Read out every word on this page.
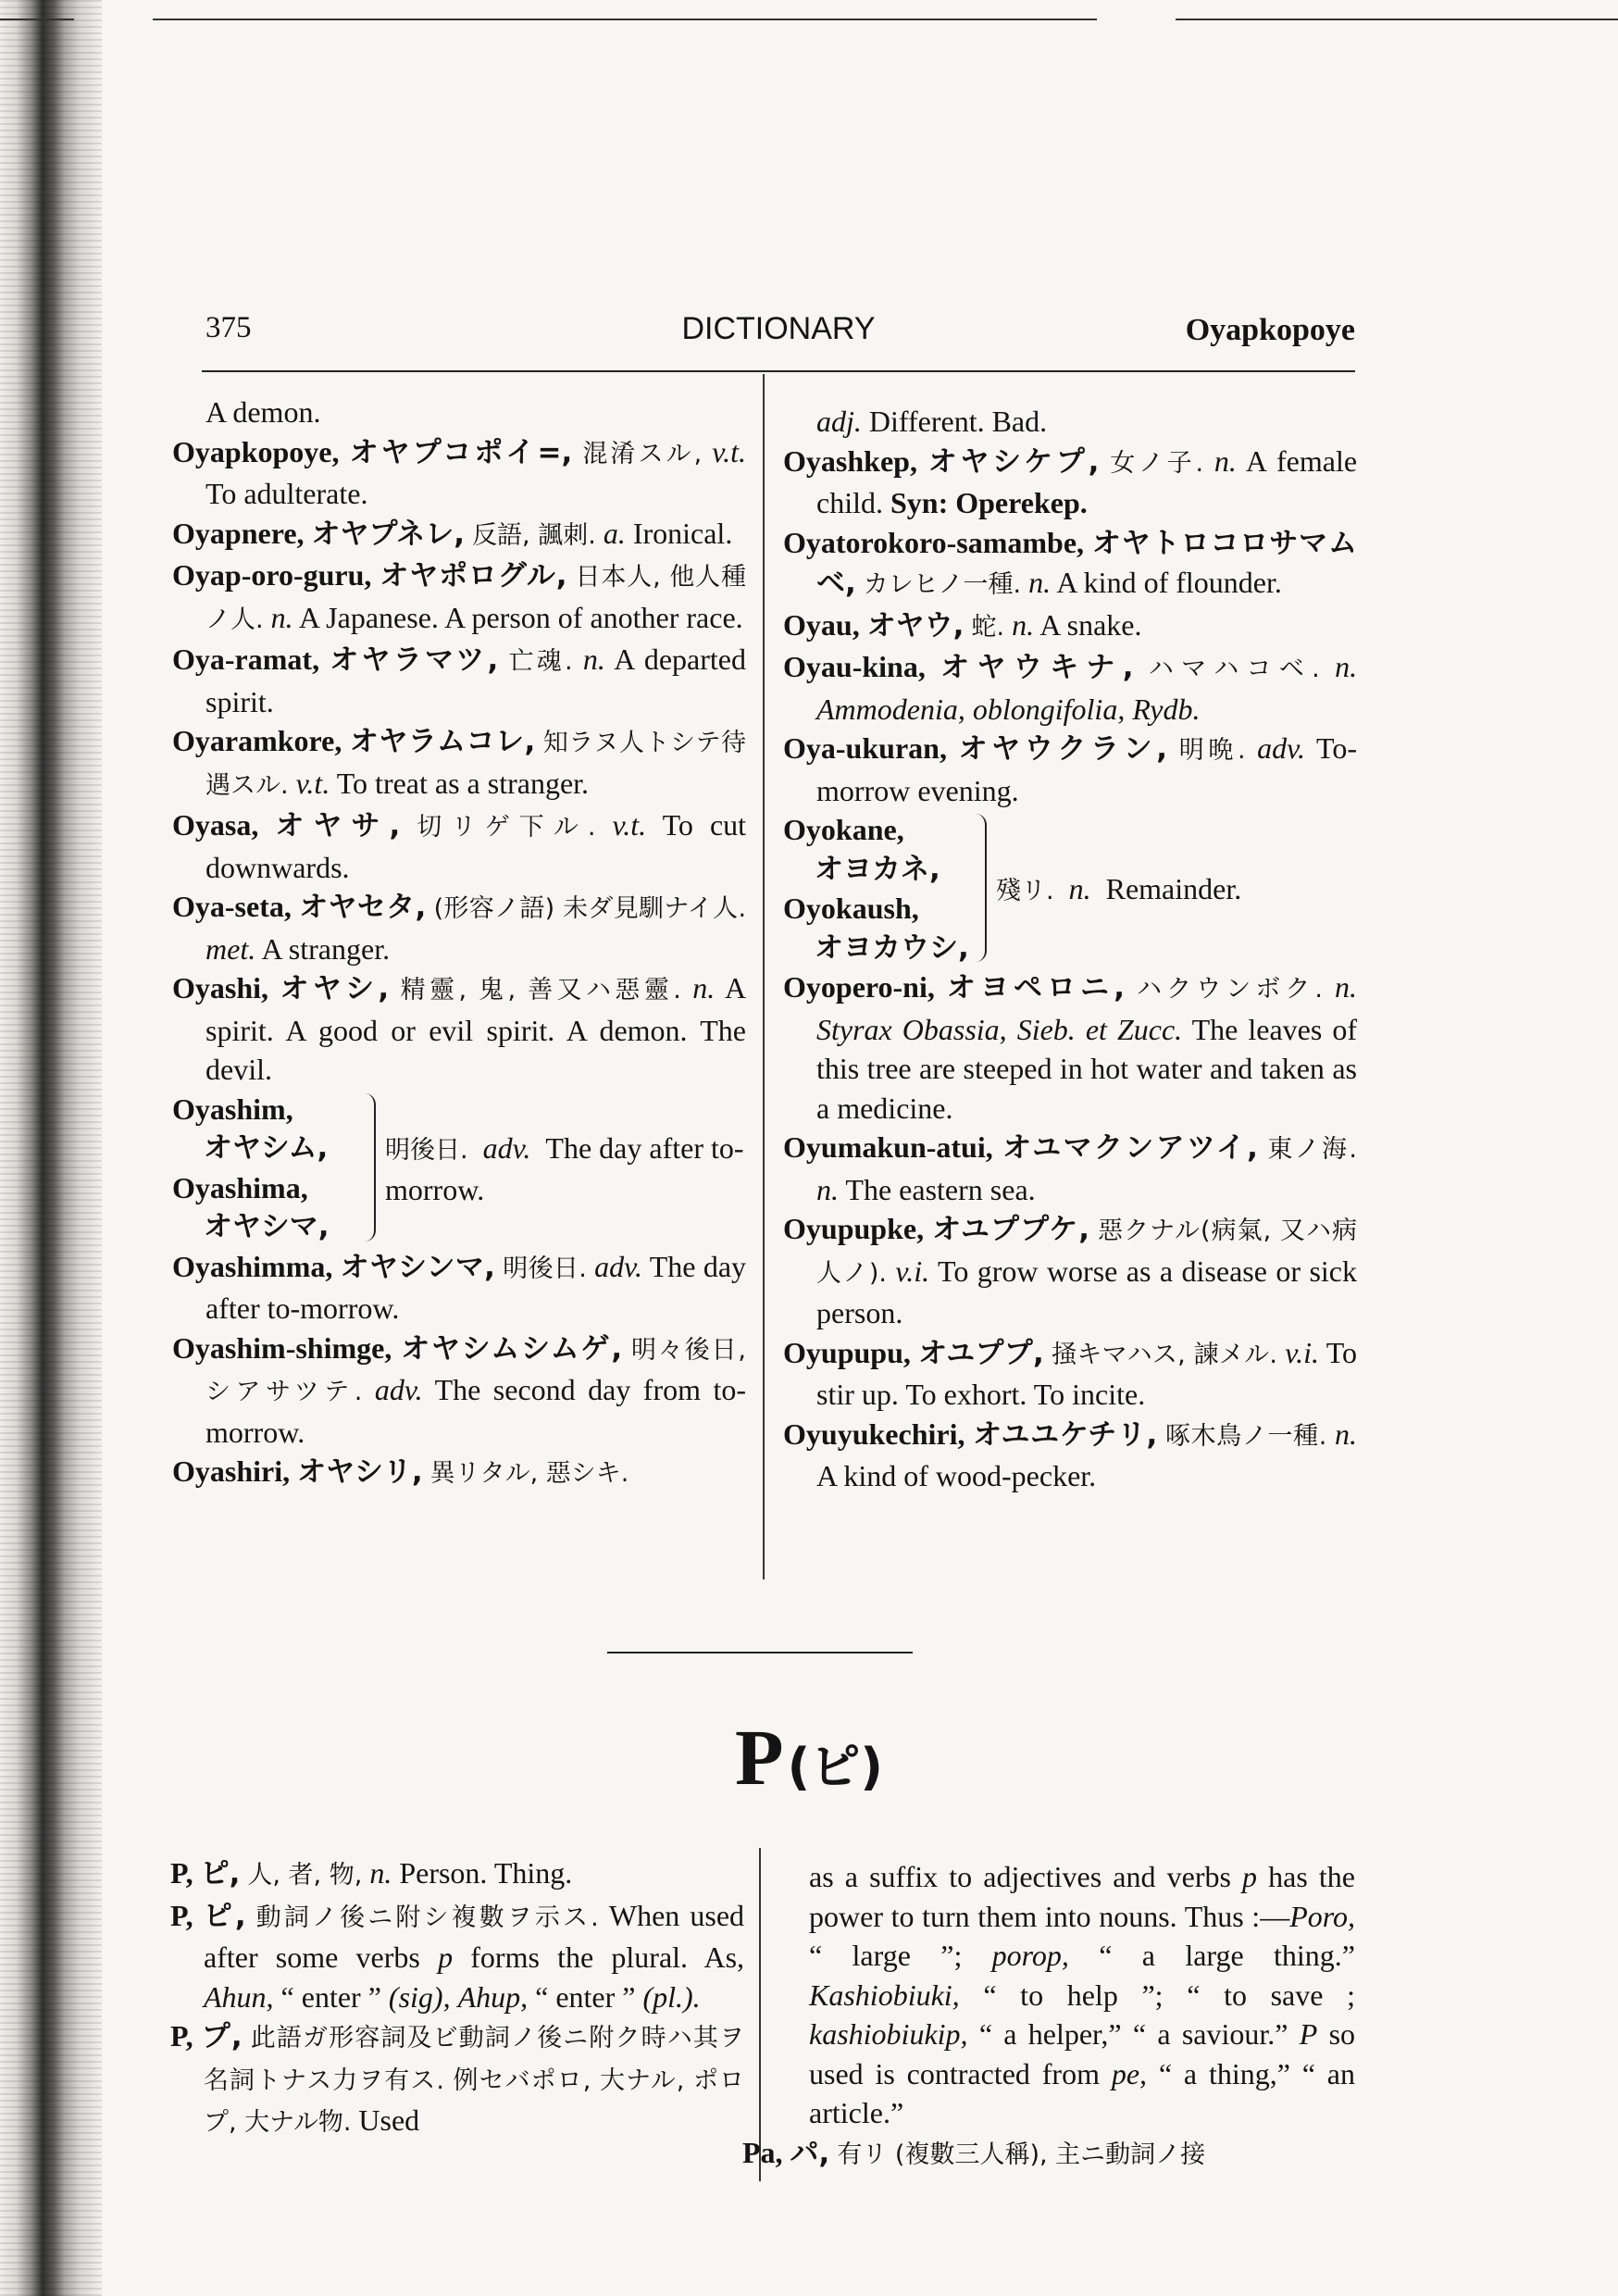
375	DICTIONARY	Oyapkopoye

A demon.

Oyapkopoye, オヤプコポイ=, 混淆スル, v.t. To adulterate.

Oyapnere, オヤプネレ, 反語, 諷刺. a. Ironical.

Oyap-oro-guru, オヤポログル, 日本人, 他人種ノ人. n. A Japanese. A person of another race.

Oya-ramat, オヤラマツ, 亡魂. n. A departed spirit.

Oyaramkore, オヤラムコレ, 知ラヌ人トシテ待遇スル. v.t. To treat as a stranger.

Oyasa, オヤサ, 切リゲ下ル. v.t. To cut downwards.

Oya-seta, オヤセタ, (形容ノ語) 未ダ見馴ナイ人. met. A stranger.

Oyashi, オヤシ, 精靈, 鬼, 善又ハ惡靈. n. A spirit. A good or evil spirit. A demon. The devil.

Oyashim,
オヤシム,
Oyashima,
オヤシマ,
明後日. adv. The day after to-morrow.

Oyashimma, オヤシンマ, 明後日. adv. The day after to-morrow.

Oyashim-shimge, オヤシムシムゲ, 明々後日, シアサツテ. adv. The second day from to-morrow.

Oyashiri, オヤシリ, 異リタル, 惡シキ.

adj. Different. Bad.

Oyashkep, オヤシケプ, 女ノ子. n. A female child. Syn: Operekep.

Oyatorokoro-samambe, オヤトロコロサマムベ, カレヒノ一種. n. A kind of flounder.

Oyau, オヤウ, 蛇. n. A snake.

Oyau-kina, オヤウキナ, ハマハコベ. n. Ammodenia, oblongifolia, Rydb.

Oya-ukuran, オヤウクラン, 明晩. adv. To-morrow evening.

Oyokane,
オヨカネ,
Oyokaush,
オヨカウシ,
殘リ. n. Remainder.

Oyopero-ni, オヨペロニ, ハクウンボク. n. Styrax Obassia, Sieb. et Zucc. The leaves of this tree are steeped in hot water and taken as a medicine.

Oyumakun-atui, オユマクンアツイ, 東ノ海. n. The eastern sea.

Oyupupke, オユププケ, 惡クナル(病氣, 又ハ病人ノ). v.i. To grow worse as a disease or sick person.

Oyupupu, オユププ, 掻キマハス, 諫メル. v.i. To stir up. To exhort. To incite.

Oyuyukechiri, オユユケチリ, 啄木鳥ノ一種. n. A kind of wood-pecker.

P (ピ)

P, ピ, 人, 者, 物, n. Person. Thing.

P, ピ, 動詞ノ後ニ附シ複數ヲ示ス. When used after some verbs p forms the plural. As, Ahun, “ enter ” (sig), Ahup, “ enter ” (pl.).

P, プ, 此語ガ形容詞及ビ動詞ノ後ニ附ク時ハ其ヲ名詞トナス力ヲ有ス. 例セバポロ, 大ナル, ポロプ, 大ナル物. Used

as a suffix to adjectives and verbs p has the power to turn them into nouns. Thus :—Poro, “ large ”; porop, “ a large thing.” Kashiobiuki, “ to help ”; “ to save ; kashiobiukip, “ a helper,” “ a saviour.” P so used is contracted from pe, “ a thing,” “ an article.”

Pa, パ, 有リ (複數三人稱), 主ニ動詞ノ接
